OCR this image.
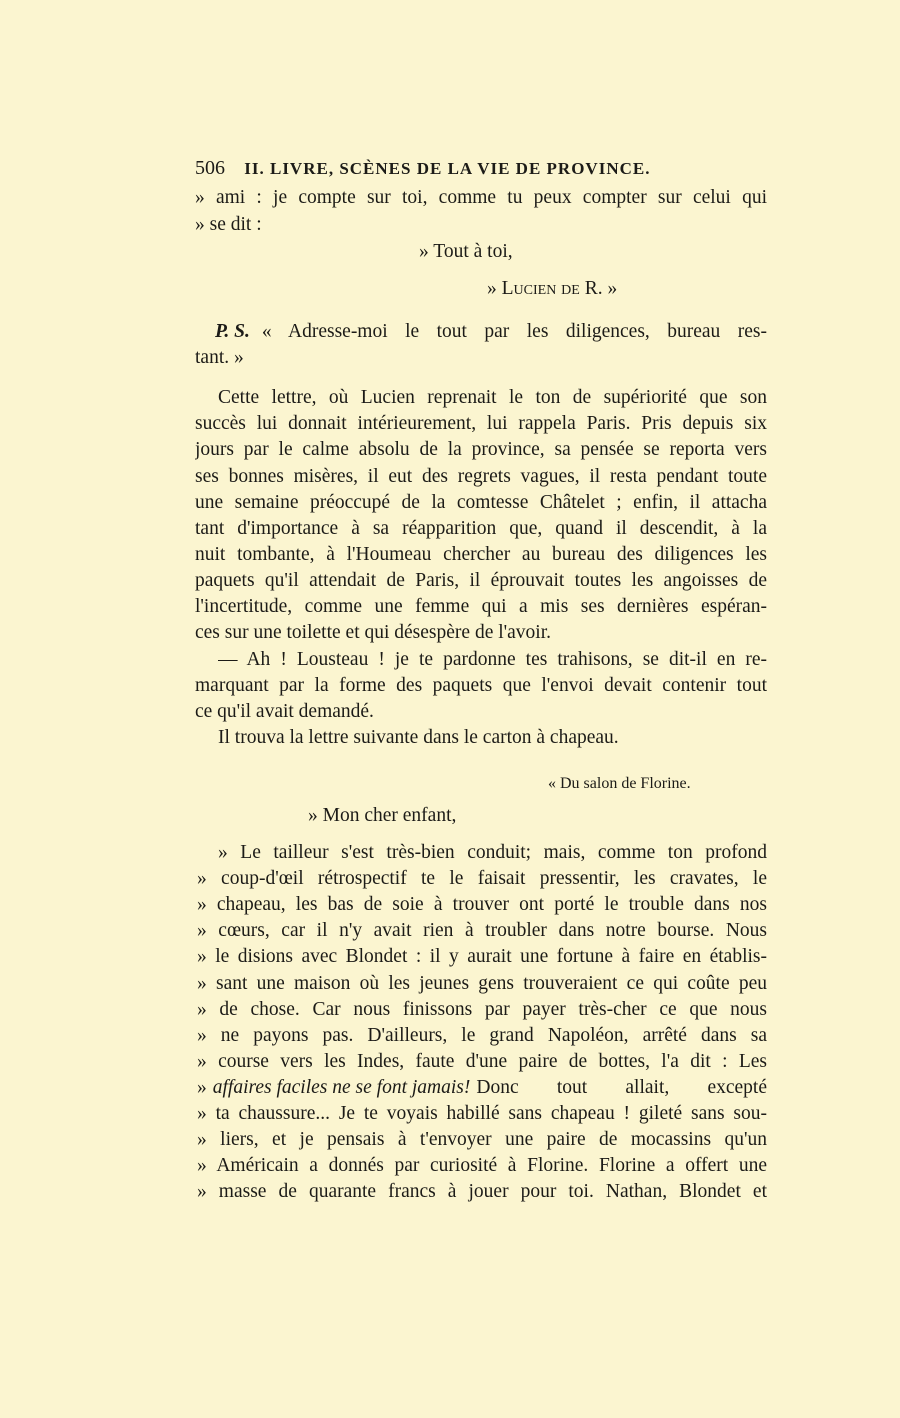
506 II. LIVRE, SCÈNES DE LA VIE DE PROVINCE.
» ami : je compte sur toi, comme tu peux compter sur celui qui
» se dit :
» Tout à toi,
» Lucien de R. »
P. S. « Adresse-moi le tout par les diligences, bureau res-
tant. »
Cette lettre, où Lucien reprenait le ton de supériorité que son
succès lui donnait intérieurement, lui rappela Paris. Pris depuis six
jours par le calme absolu de la province, sa pensée se reporta vers
ses bonnes misères, il eut des regrets vagues, il resta pendant toute
une semaine préoccupé de la comtesse Châtelet ; enfin, il attacha
tant d'importance à sa réapparition que, quand il descendit, à la
nuit tombante, à l'Houmeau chercher au bureau des diligences les
paquets qu'il attendait de Paris, il éprouvait toutes les angoisses de
l'incertitude, comme une femme qui a mis ses dernières espéran-
ces sur une toilette et qui désespère de l'avoir.
— Ah ! Lousteau ! je te pardonne tes trahisons, se dit-il en re-
marquant par la forme des paquets que l'envoi devait contenir tout
ce qu'il avait demandé.
Il trouva la lettre suivante dans le carton à chapeau.
« Du salon de Florine.
» Mon cher enfant,
» Le tailleur s'est très-bien conduit; mais, comme ton profond
» coup-d'œil rétrospectif te le faisait pressentir, les cravates, le
» chapeau, les bas de soie à trouver ont porté le trouble dans nos
» cœurs, car il n'y avait rien à troubler dans notre bourse. Nous
» le disions avec Blondet : il y aurait une fortune à faire en établis-
» sant une maison où les jeunes gens trouveraient ce qui coûte peu
» de chose. Car nous finissons par payer très-cher ce que nous
» ne payons pas. D'ailleurs, le grand Napoléon, arrêté dans sa
» course vers les Indes, faute d'une paire de bottes, l'a dit : Les
» affaires faciles ne se font jamais! Donc tout allait, excepté
» ta chaussure... Je te voyais habillé sans chapeau ! gileté sans sou-
» liers, et je pensais à t'envoyer une paire de mocassins qu'un
» Américain a donnés par curiosité à Florine. Florine a offert une
» masse de quarante francs à jouer pour toi. Nathan, Blondet et
